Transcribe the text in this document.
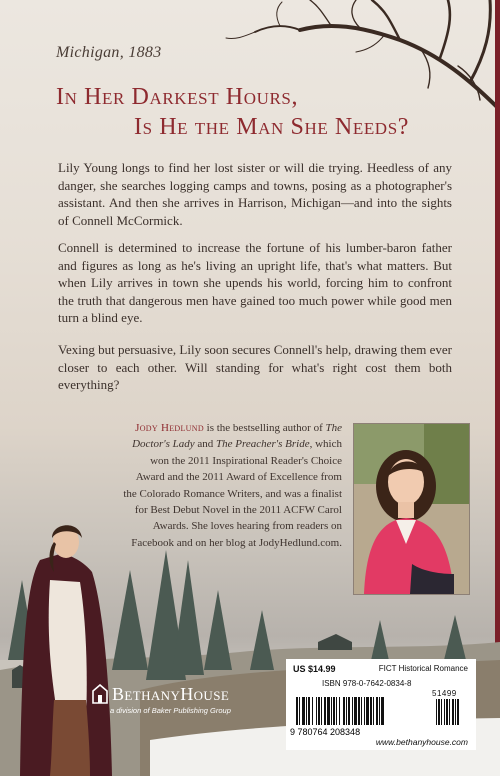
Michigan, 1883
In Her Darkest Hours,
Is He the Man She Needs?
Lily Young longs to find her lost sister or will die trying. Heedless of any danger, she searches logging camps and towns, posing as a photographer's assistant. And then she arrives in Harrison, Michigan—and into the sights of Connell McCormick.
Connell is determined to increase the fortune of his lumber-baron father and figures as long as he's living an upright life, that's what matters. But when Lily arrives in town she upends his world, forcing him to confront the truth that dangerous men have gained too much power while good men turn a blind eye.
Vexing but persuasive, Lily soon secures Connell's help, drawing them ever closer to each other. Will standing for what's right cost them both everything?
Jody Hedlund is the bestselling author of The Doctor's Lady and The Preacher's Bride, which won the 2011 Inspirational Reader's Choice Award and the 2011 Award of Excellence from the Colorado Romance Writers, and was a finalist for Best Debut Novel in the 2011 ACFW Carol Awards. She loves hearing from readers on Facebook and on her blog at JodyHedlund.com.
BethanyHouse
a division of Baker Publishing Group
US $14.99	FICT Historical Romance
ISBN 978-0-7642-0834-8
51499
9 780764 208348
www.bethanyhouse.com
